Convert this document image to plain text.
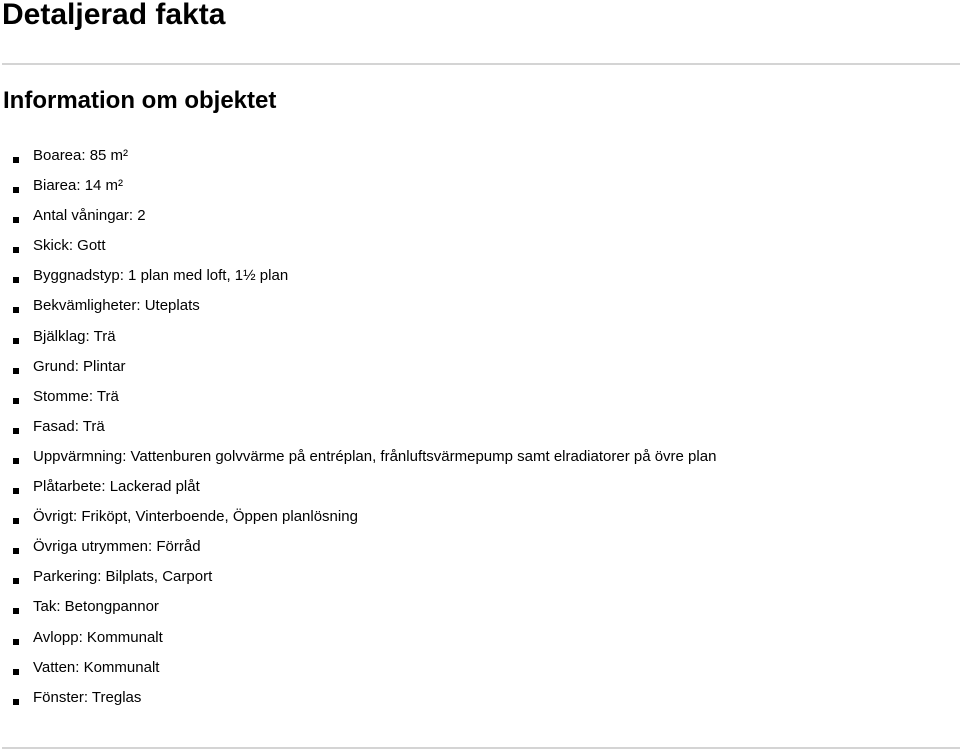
Detaljerad fakta
Information om objektet
Boarea: 85 m²
Biarea: 14 m²
Antal våningar: 2
Skick: Gott
Byggnadstyp: 1 plan med loft, 1½ plan
Bekvämligheter: Uteplats
Bjälklag: Trä
Grund: Plintar
Stomme: Trä
Fasad: Trä
Uppvärmning: Vattenburen golvvärme på entréplan, frånluftsvärmepump samt elradiatorer på övre plan
Plåtarbete: Lackerad plåt
Övrigt: Friköpt, Vinterboende, Öppen planlösning
Övriga utrymmen: Förråd
Parkering: Bilplats, Carport
Tak: Betongpannor
Avlopp: Kommunalt
Vatten: Kommunalt
Fönster: Treglas
